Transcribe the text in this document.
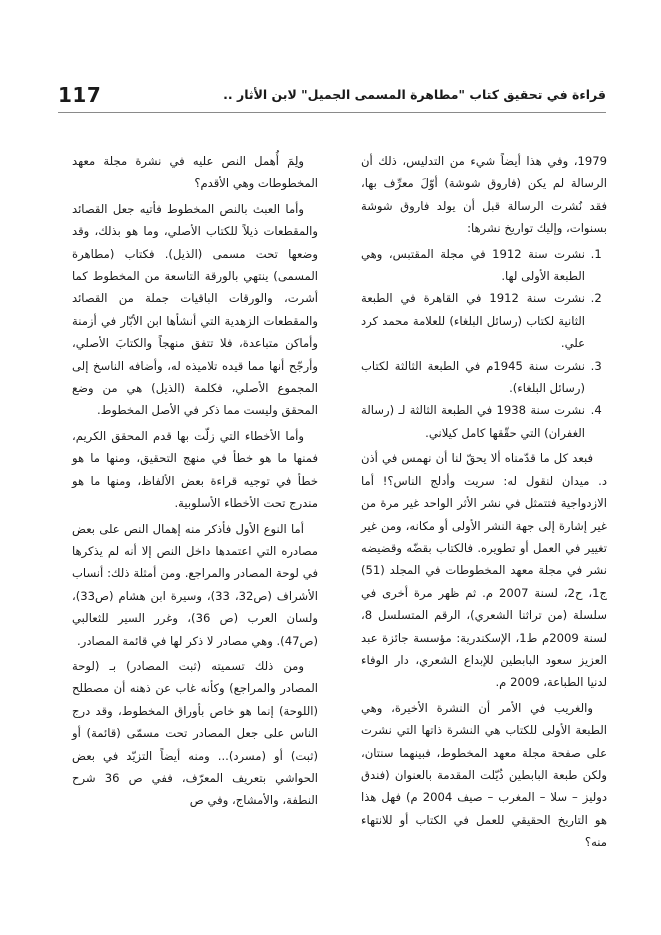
117	قراءة في تحقيق كتاب "مطاهرة المسمى الجميل" لابن الأثار ..

1979، وفي هذا أيضاً شيء من التدليس، ذلك أن الرسالة لم يكن (فاروق شوشة) أوّلَ معرِّف بها، فقد نُشرت الرسالة قبل أن يولد فاروق شوشة بسنوات، وإليك تواريخ نشرها:

1. نشرت سنة 1912 في مجلة المقتبس، وهي الطبعة الأولى لها.
2. نشرت سنة 1912 في القاهرة في الطبعة الثانية لكتاب (رسائل البلغاء) للعلامة محمد كرد علي.
3. نشرت سنة 1945م في الطبعة الثالثة لكتاب (رسائل البلغاء).
4. نشرت سنة 1938 في الطبعة الثالثة لـ (رسالة الغفران) التي حقّقها كامل كيلاني.

فبعد كل ما قدّمناه ألا يحقّ لنا أن نهمس في أذن د. ميدان لنقول له: سريت وأدلج الناس؟! أما الازدواجية فتتمثل في نشر الأثر الواحد غير مرة من غير إشارة إلى جهة النشر الأولى أو مكانه، ومن غير تغيير في العمل أو تطويره. فالكتاب بقضّه وقضيضه نشر في مجلة معهد المخطوطات في المجلد (51) ج1، ح2، لسنة 2007 م. ثم ظهر مرة أخرى في سلسلة (من تراثنا الشعري)، الرقم المتسلسل 8، لسنة 2009م ط1، الإسكندرية: مؤسسة جائزة عبد العزيز سعود البابطين للإبداع الشعري، دار الوفاء لدنيا الطباعة، 2009 م.

والغريب في الأمر أن النشرة الأخيرة، وهي الطبعة الأولى للكتاب هي النشرة ذاتها التي نشرت على صفحة مجلة معهد المخطوط، فبينهما سنتان، ولكن طبعة البابطين ذُيّلت المقدمة بالعنوان (فندق دوليز – سلا – المغرب – صيف 2004 م) فهل هذا هو التاريخ الحقيقي للعمل في الكتاب أو للانتهاء منه؟

ولِمَ أُهمل النص عليه في نشرة مجلة معهد المخطوطات وهي الأقدم؟

وأما العبث بالنص المخطوط فأتيه جعل القصائد والمقطعات ذيلاً للكتاب الأصلي، وما هو بذلك، وقد وضعها تحت مسمى (الذيل). فكتاب (مطاهرة المسمى) ينتهي بالورقة التاسعة من المخطوط كما أشرت، والورقات الباقيات جملة من القصائد والمقطعات الزهدية التي أنشأها ابن الأبّار في أزمنة وأماكن متباعدة، فلا تتفق منهجاً والكتابَ الأصلي، وأرجّح أنها مما قيده تلاميذه له، وأضافه الناسخ إلى المجموع الأصلي، فكلمة (الذيل) هي من وضع المحقق وليست مما ذكر في الأصل المخطوط.

وأما الأخطاء التي زلّت بها قدم المحقق الكريم، فمنها ما هو خطأ في منهج التحقيق، ومنها ما هو خطأ في توجيه قراءة بعض الألفاظ، ومنها ما هو مندرج تحت الأخطاء الأسلوبية.

أما النوع الأول فأذكر منه إهمال النص على بعض مصادره التي اعتمدها داخل النص إلا أنه لم يذكرها في لوحة المصادر والمراجع. ومن أمثلة ذلك: أنساب الأشراف (ص32، 33)، وسيرة ابن هشام (ص33)، ولسان العرب (ص 36)، وغرر السير للثعالبي (ص47). وهي مصادر لا ذكر لها في قائمة المصادر.

ومن ذلك تسميته (ثبت المصادر) بـ (لوحة المصادر والمراجع) وكأنه غاب عن ذهنه أن مصطلح (اللوحة) إنما هو خاص بأوراق المخطوط، وقد درج الناس على جعل المصادر تحت مسمّى (قائمة) أو (ثبت) أو (مسرد)... ومنه أيضاً التزيّد في بعض الحواشي بتعريف المعرّف، ففي ص 36 شرح النطفة، والأمشاج، وفي ص
